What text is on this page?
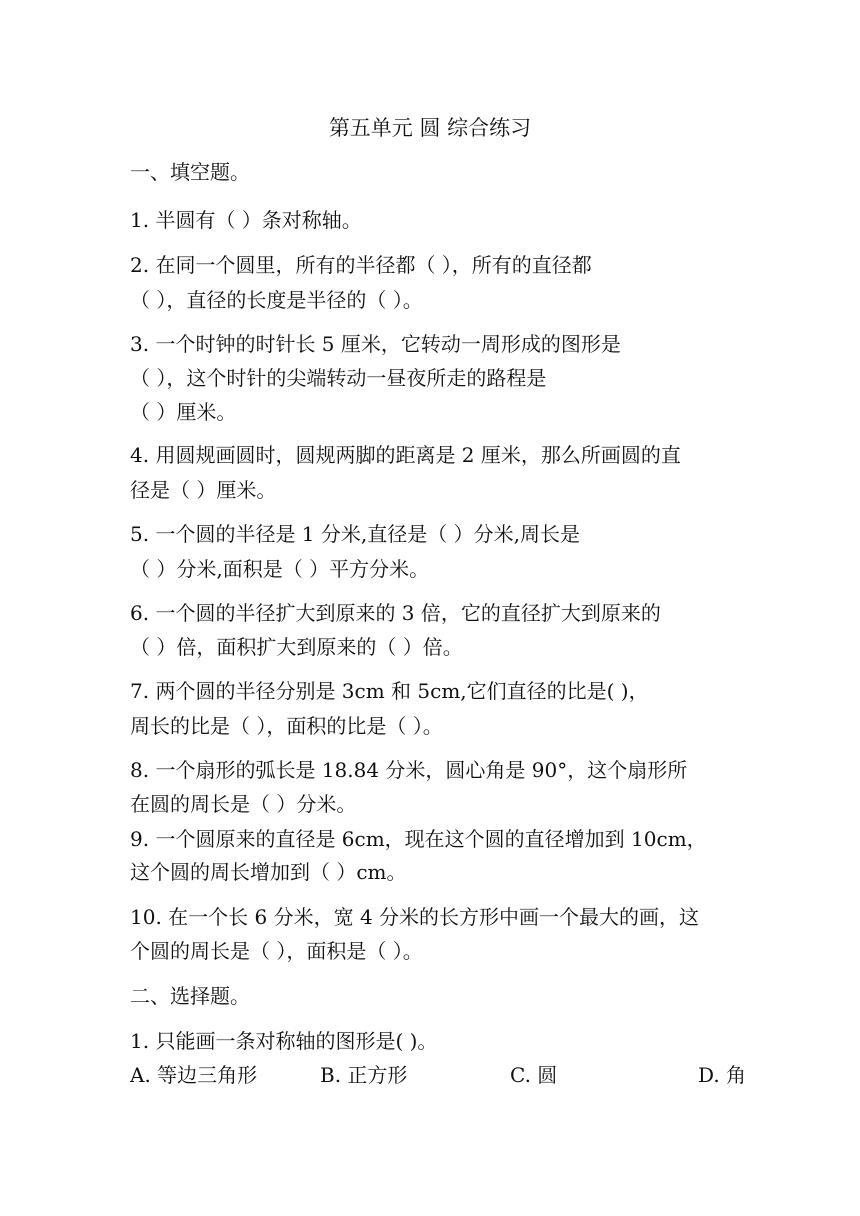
第五单元 圆 综合练习
一、填空题。
1. 半圆有（ ）条对称轴。
2. 在同一个圆里，所有的半径都（ ），所有的直径都
（ ），直径的长度是半径的（ ）。
3. 一个时钟的时针长 5 厘米，它转动一周形成的图形是
（ ），这个时针的尖端转动一昼夜所走的路程是
（ ）厘米。
4. 用圆规画圆时，圆规两脚的距离是 2 厘米，那么所画圆的直
径是（ ）厘米。
5. 一个圆的半径是 1 分米,直径是（ ）分米,周长是
（ ）分米,面积是（ ）平方分米。
6. 一个圆的半径扩大到原来的 3 倍，它的直径扩大到原来的
（ ）倍，面积扩大到原来的（ ）倍。
7. 两个圆的半径分别是 3cm 和 5cm,它们直径的比是( )，
周长的比是（ ），面积的比是（ ）。
8. 一个扇形的弧长是 18.84 分米，圆心角是 90°，这个扇形所
在圆的周长是（ ）分米。
9. 一个圆原来的直径是 6cm，现在这个圆的直径增加到 10cm，
这个圆的周长增加到（ ）cm。
10. 在一个长 6 分米，宽 4 分米的长方形中画一个最大的画，这
个圆的周长是（ ），面积是（ ）。
二、选择题。
1. 只能画一条对称轴的图形是( )。
A. 等边三角形	B. 正方形	C. 圆	D. 角
